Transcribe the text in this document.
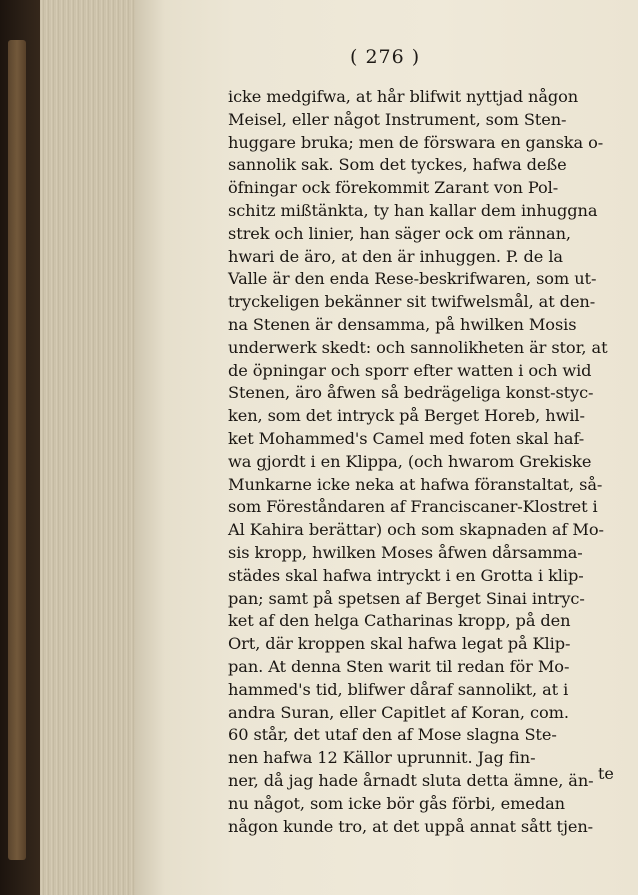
( 276 )
icke medgifwa, at hår blifwit nyttjad någon
Meisel, eller något Instrument, som Sten-
huggare bruka; men de förswara en ganska o-
sannolik sak. Som det tyckes, hafwa deße
öfningar ock förekommit Zarant von Pol-
schitz mißtänkta, ty han kallar dem inhuggna
strek och linier, han säger ock om rännan,
hwari de äro, at den är inhuggen. P. de la
Valle är den enda Rese-beskrifwaren, som ut-
tryckeligen bekänner sit twifwelsmål, at den-
na Stenen är densamma, på hwilken Mosis
underwerk skedt: och sannolikheten är stor, at
de öpningar och sporr efter watten i och wid
Stenen, äro åfwen så bedrägeliga konst-styc-
ken, som det intryck på Berget Horeb, hwil-
ket Mohammed's Camel med foten skal haf-
wa gjordt i en Klippa, (och hwarom Grekiske
Munkarne icke neka at hafwa föranstaltat, så-
som Föreståndaren af Franciscaner-Klostret i
Al Kahira berättar) och som skapnaden af Mo-
sis kropp, hwilken Moses åfwen dårsamma-
städes skal hafwa intryckt i en Grotta i klip-
pan; samt på spetsen af Berget Sinai intryc-
ket af den helga Catharinas kropp, på den
Ort, där kroppen skal hafwa legat på Klip-
pan. At denna Sten warit til redan för Mo-
hammed's tid, blifwer dåraf sannolikt, at i
andra Suran, eller Capitlet af Koran, com.
60 står, det utaf den af Mose slagna Ste-
nen hafwa 12 Källor uprunnit. Jag fin-
ner, då jag hade årnadt sluta detta ämne, än-
nu något, som icke bör gås förbi, emedan
någon kunde tro, at det uppå annat sått tjen-
te
